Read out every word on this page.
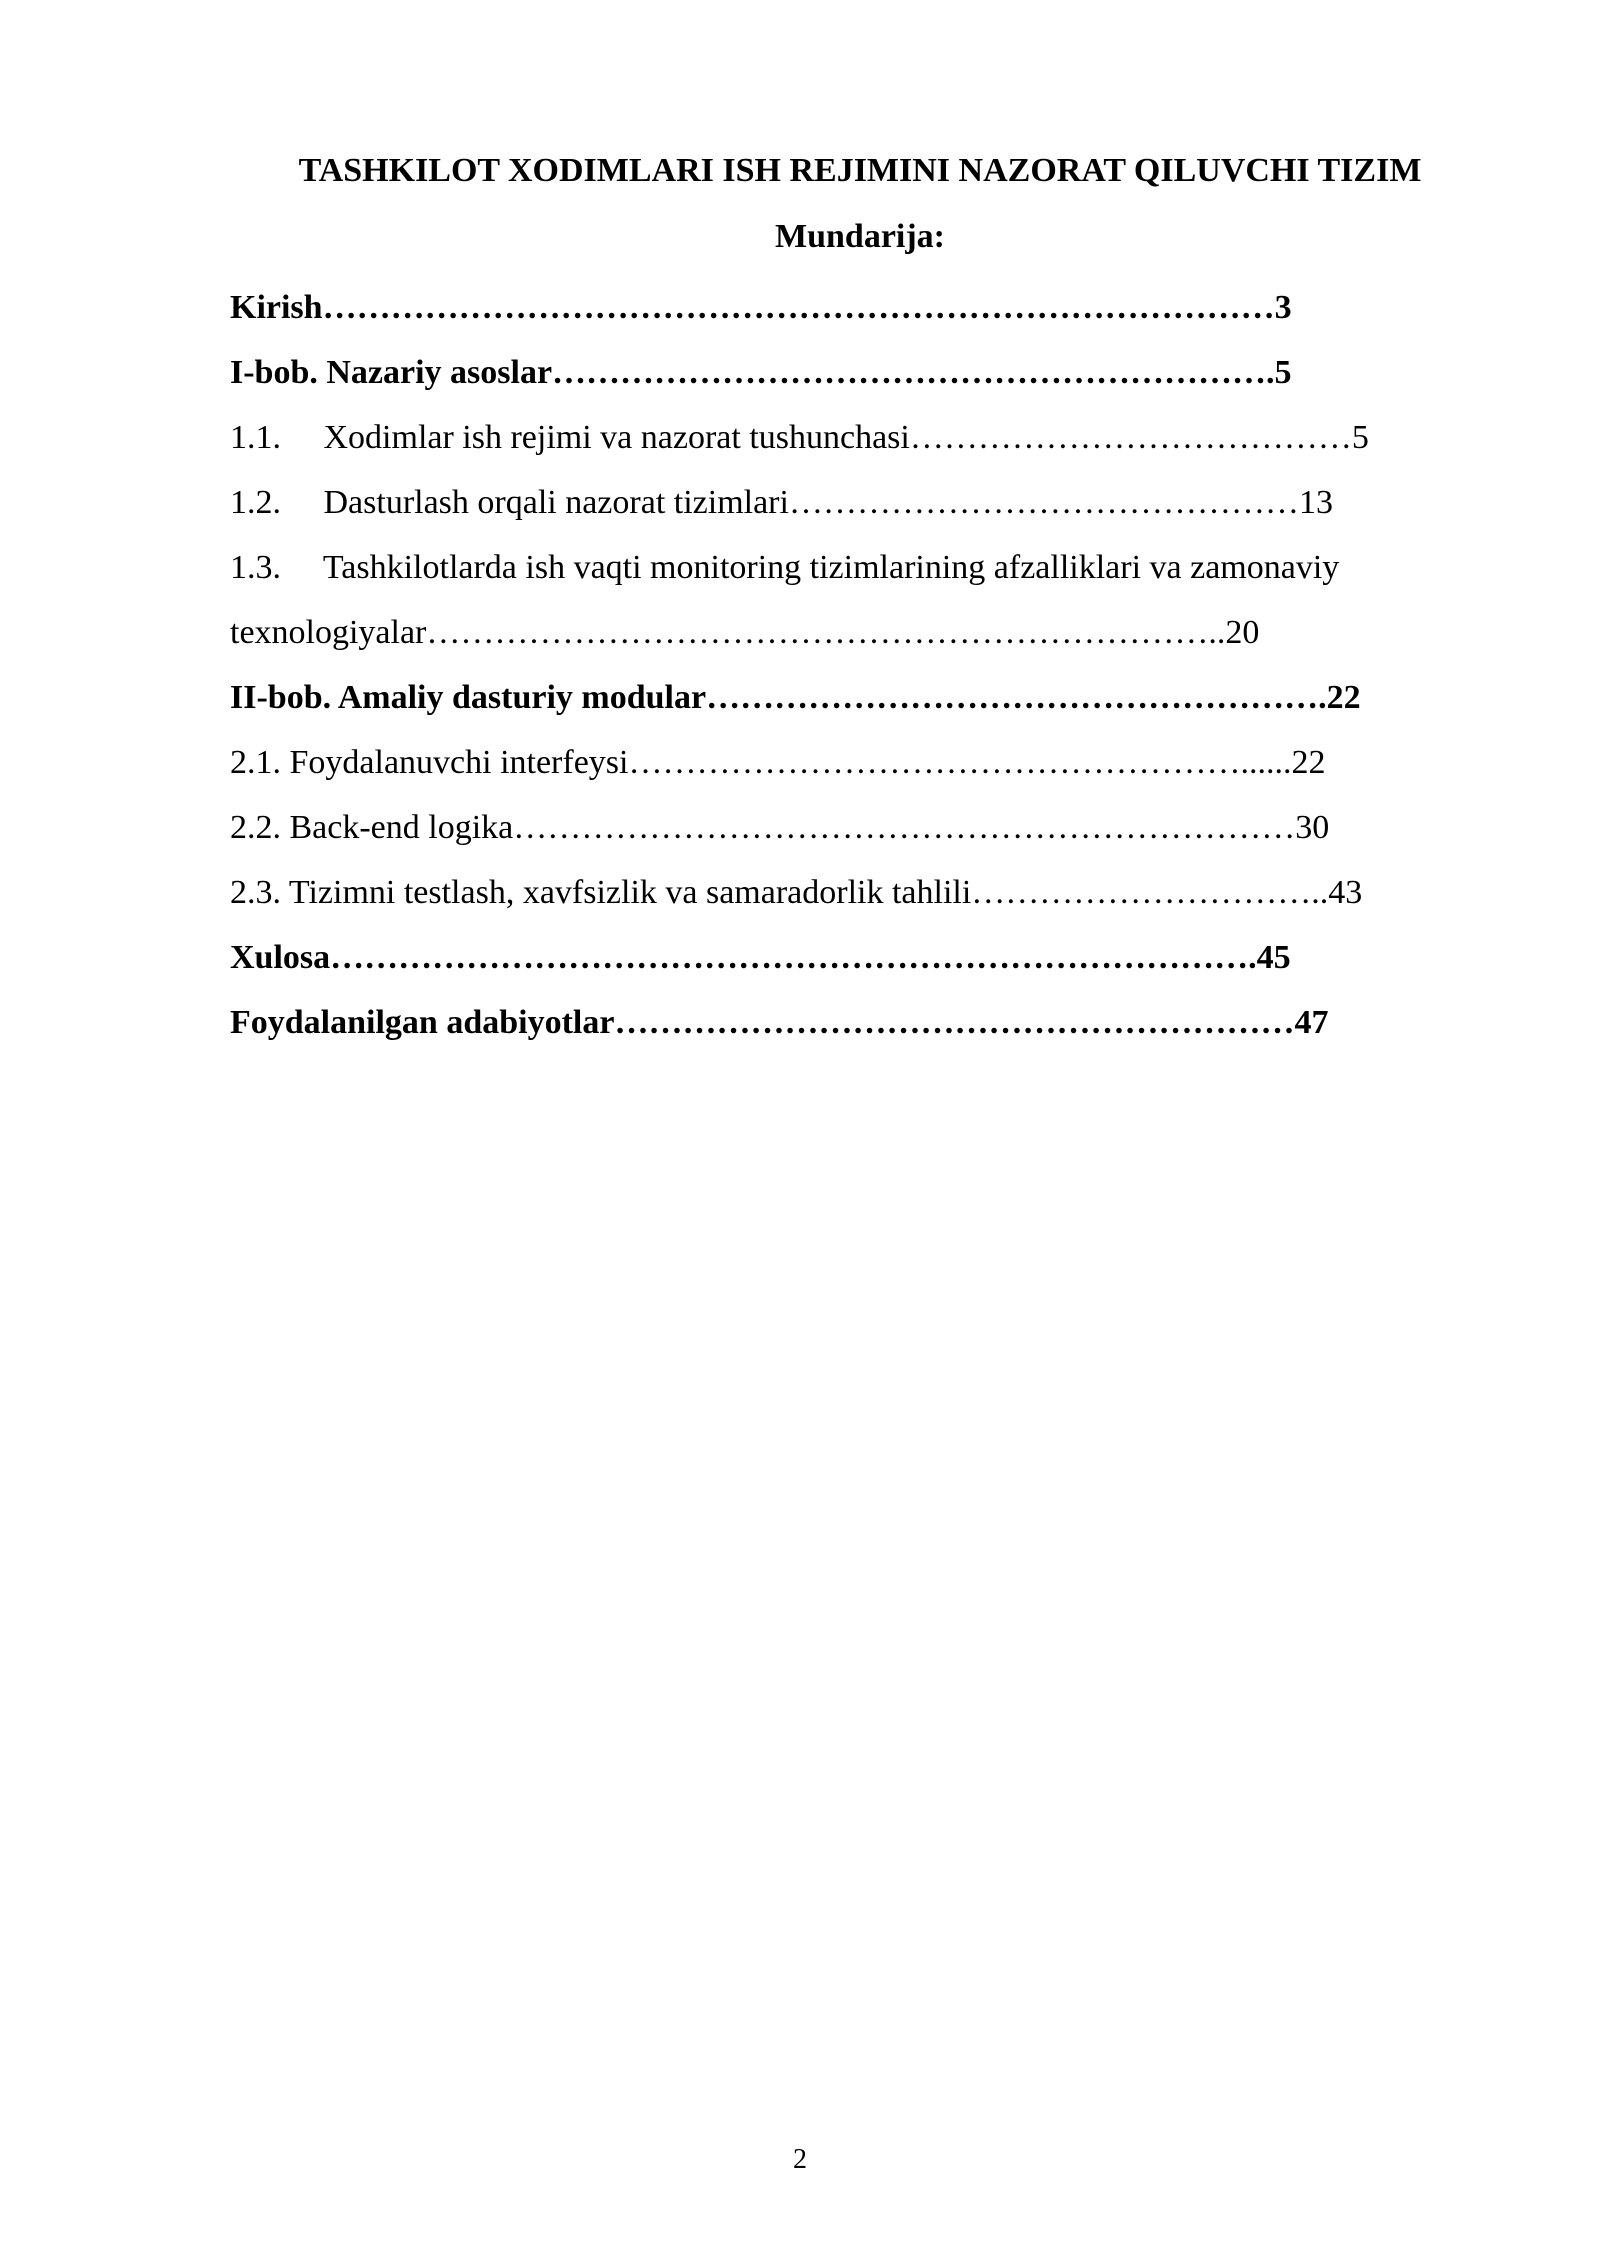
TASHKILOT XODIMLARI ISH REJIMINI NAZORAT QILUVCHI TIZIM
Mundarija:
Kirish…………………………………………………………………………3
I-bob. Nazariy asoslar……………………………………………………….5
1.1.     Xodimlar ish rejimi va nazorat tushunchasi…………………………………5
1.2.     Dasturlash orqali nazorat tizimlari………………………………………13
1.3.     Tashkilotlarda ish vaqti monitoring tizimlarining afzalliklari va zamonaviy
texnologiyalar……………………………………………………………..20
II-bob. Amaliy dasturiy modular……………………………………………….22
2.1. Foydalanuvchi interfeysi………………………………………………......22
2.2. Back-end logika……………………………………………………………30
2.3. Tizimni testlash, xavfsizlik va samaradorlik tahlili…………………………..43
Xulosa……………………………………………………………………….45
Foydalanilgan adabiyotlar……………………………………………………47
2
